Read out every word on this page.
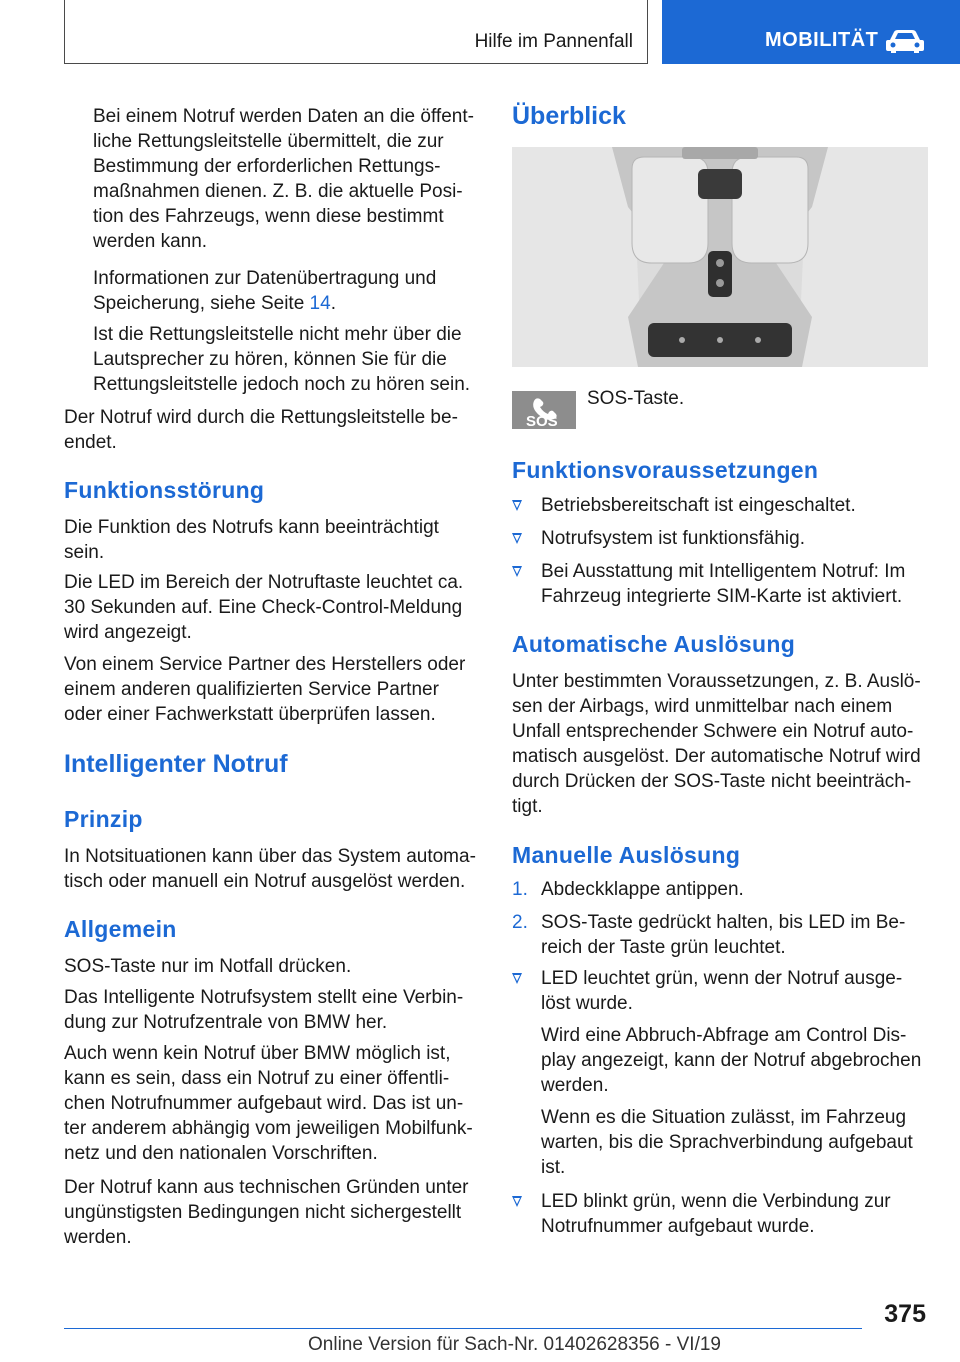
Hilfe im Pannenfall	MOBILITÄT

Bei einem Notruf werden Daten an die öffent‐liche Rettungsleitstelle übermittelt, die zur Bestimmung der erforderlichen Rettungs‐maßnahmen dienen. Z. B. die aktuelle Posi‐tion des Fahrzeugs, wenn diese bestimmt werden kann.

Informationen zur Datenübertragung und Speicherung, siehe Seite 14.

Ist die Rettungsleitstelle nicht mehr über die Lautsprecher zu hören, können Sie für die Rettungsleitstelle jedoch noch zu hören sein.

Der Notruf wird durch die Rettungsleitstelle be‐endet.

Funktionsstörung

Die Funktion des Notrufs kann beeinträchtigt sein.

Die LED im Bereich der Notruftaste leuchtet ca. 30 Sekunden auf. Eine Check-Control-Meldung wird angezeigt.

Von einem Service Partner des Herstellers oder einem anderen qualifizierten Service Partner oder einer Fachwerkstatt überprüfen lassen.

Intelligenter Notruf

Prinzip

In Notsituationen kann über das System automa‐tisch oder manuell ein Notruf ausgelöst werden.

Allgemein

SOS-Taste nur im Notfall drücken.

Das Intelligente Notrufsystem stellt eine Verbin‐dung zur Notrufzentrale von BMW her.

Auch wenn kein Notruf über BMW möglich ist, kann es sein, dass ein Notruf zu einer öffentli‐chen Notrufnummer aufgebaut wird. Das ist un‐ter anderem abhängig vom jeweiligen Mobilfunk‐netz und den nationalen Vorschriften.

Der Notruf kann aus technischen Gründen unter ungünstigsten Bedingungen nicht sichergestellt werden.

Überblick

SOS

SOS-Taste.

Funktionsvoraussetzungen

Betriebsbereitschaft ist eingeschaltet.
Notrufsystem ist funktionsfähig.
Bei Ausstattung mit Intelligentem Notruf: Im Fahrzeug integrierte SIM-Karte ist aktiviert.

Automatische Auslösung

Unter bestimmten Voraussetzungen, z. B. Auslö‐sen der Airbags, wird unmittelbar nach einem Unfall entsprechender Schwere ein Notruf auto‐matisch ausgelöst. Der automatische Notruf wird durch Drücken der SOS-Taste nicht beeinträch‐tigt.

Manuelle Auslösung

1. Abdeckklappe antippen.
2. SOS-Taste gedrückt halten, bis LED im Be‐reich der Taste grün leuchtet.
LED leuchtet grün, wenn der Notruf ausge‐löst wurde.

Wird eine Abbruch-Abfrage am Control Dis‐play angezeigt, kann der Notruf abgebrochen werden.

Wenn es die Situation zulässt, im Fahrzeug warten, bis die Sprachverbindung aufgebaut ist.

LED blinkt grün, wenn die Verbindung zur Notrufnummer aufgebaut wurde.
375
Online Version für Sach-Nr. 01402628356 - VI/19
